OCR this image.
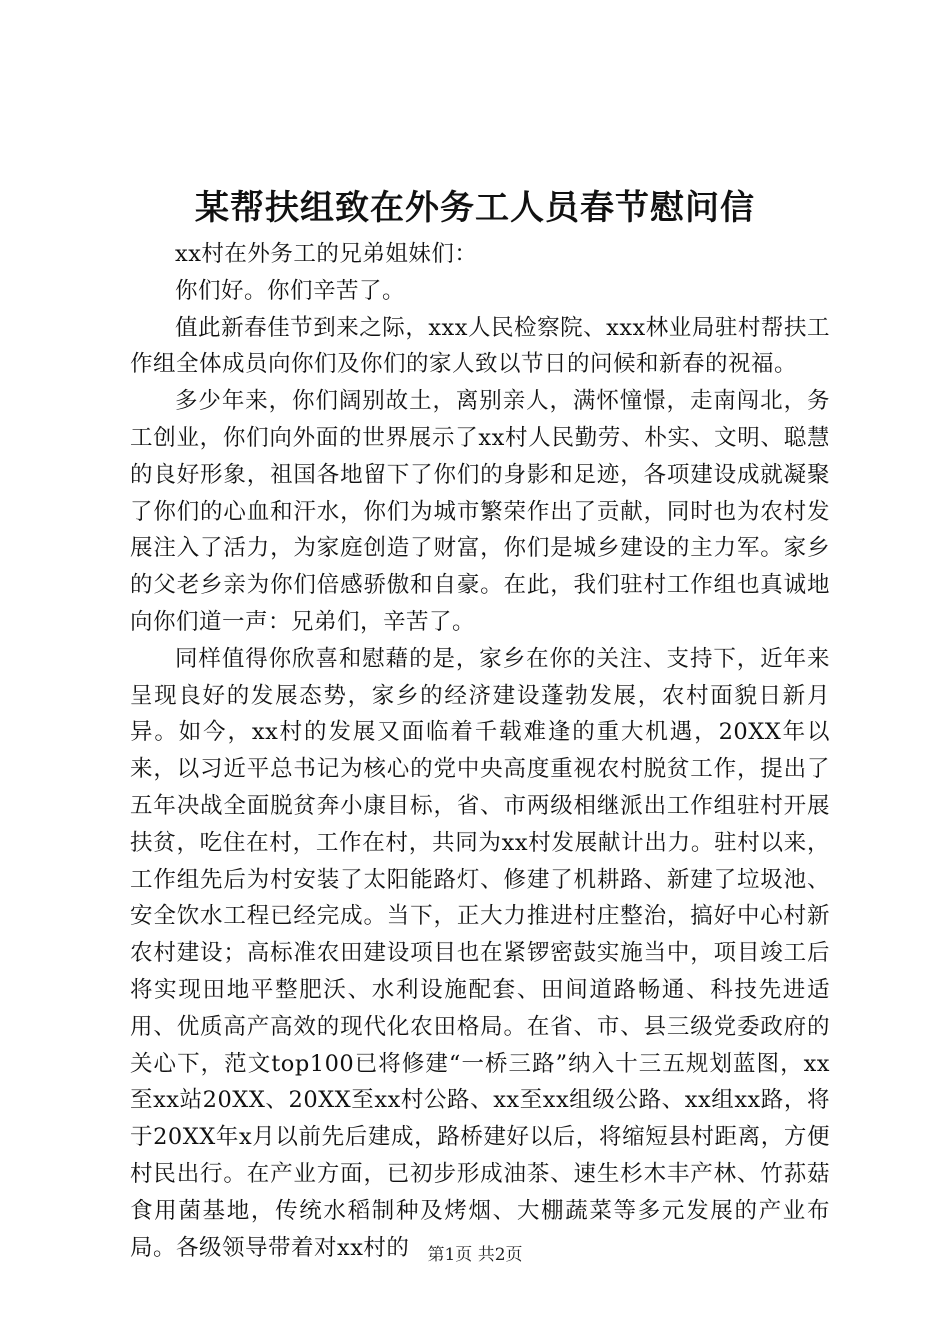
某帮扶组致在外务工人员春节慰问信

xx村在外务工的兄弟姐妹们：

你们好。你们辛苦了。

值此新春佳节到来之际，xxx人民检察院、xxx林业局驻村帮扶工作组全体成员向你们及你们的家人致以节日的问候和新春的祝福。

多少年来，你们阔别故土，离别亲人，满怀憧憬，走南闯北，务工创业，你们向外面的世界展示了xx村人民勤劳、朴实、文明、聪慧的良好形象，祖国各地留下了你们的身影和足迹，各项建设成就凝聚了你们的心血和汗水，你们为城市繁荣作出了贡献，同时也为农村发展注入了活力，为家庭创造了财富，你们是城乡建设的主力军。家乡的父老乡亲为你们倍感骄傲和自豪。在此，我们驻村工作组也真诚地向你们道一声：兄弟们，辛苦了。

同样值得你欣喜和慰藉的是，家乡在你的关注、支持下，近年来呈现良好的发展态势，家乡的经济建设蓬勃发展，农村面貌日新月异。如今，xx村的发展又面临着千载难逢的重大机遇，20XX年以来，以习近平总书记为核心的党中央高度重视农村脱贫工作，提出了五年决战全面脱贫奔小康目标，省、市两级相继派出工作组驻村开展扶贫，吃住在村，工作在村，共同为xx村发展献计出力。驻村以来，工作组先后为村安装了太阳能路灯、修建了机耕路、新建了垃圾池、安全饮水工程已经完成。当下，正大力推进村庄整治，搞好中心村新农村建设；高标准农田建设项目也在紧锣密鼓实施当中，项目竣工后将实现田地平整肥沃、水利设施配套、田间道路畅通、科技先进适用、优质高产高效的现代化农田格局。在省、市、县三级党委政府的关心下，范文top100已将修建“一桥三路”纳入十三五规划蓝图，xx至xx站20XX、20XX至xx村公路、xx至xx组级公路、xx组xx路，将于20XX年x月以前先后建成，路桥建好以后，将缩短县村距离，方便村民出行。在产业方面，已初步形成油茶、速生杉木丰产林、竹荪菇食用菌基地，传统水稻制种及烤烟、大棚蔬菜等多元发展的产业布局。各级领导带着对xx村的	第1页 共2页
